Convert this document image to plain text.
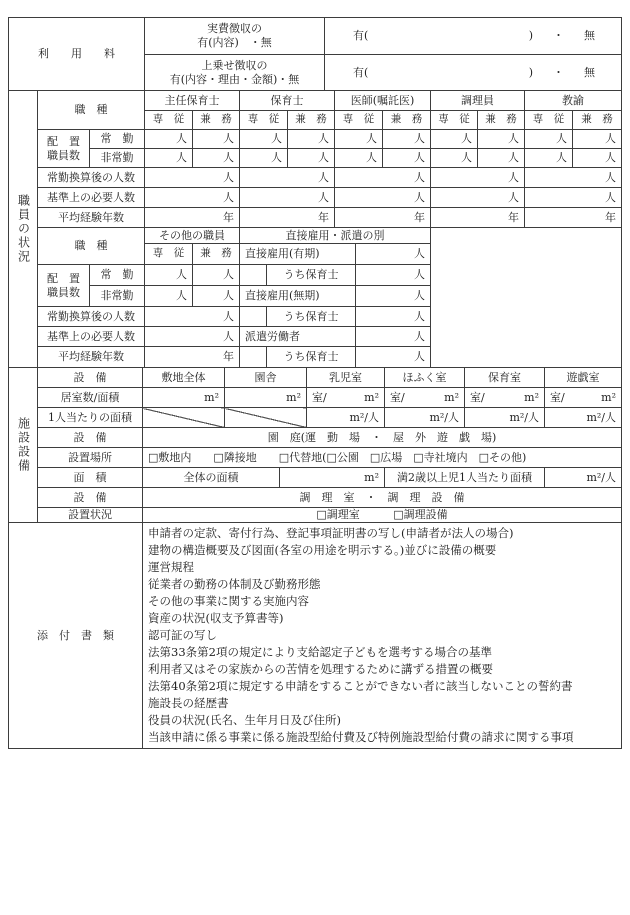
利　　用　　料	
実費徴収の
有(内容)　・無

有(	) ・ 無

上乗せ徴収の
有(内容・理由・金額)・無

有(	) ・ 無
職員の状況	職　種		主任保育士		保育士			医師(嘱託医)			調理員		教諭	
			専　従	兼　務	専　従		兼　務	専　従		兼　務	専　従	兼　務	専　従	兼　務

	配　置
職員数	常　勤	人	人	人		人	人		人	人	人	人	人
		非常勤	人	人	人		人	人		人	人	人	人	人
	常勤換算後の人数		人		人			人			人		人	
	基準上の必要人数		人		人			人			人		人	
	平均経験年数		年		年			年			年		年	
	職　種		その他の職員		直接雇用・派遣の別									
			専　従	兼　務	直接雇用(有期)				人					

	配　置
職員数	常　勤	人	人		うち保育士			人					
		非常勤	人	人	直接雇用(無期)				人					
	常勤換算後の人数		人			うち保育士			人					
	基準上の必要人数		人		派遣労働者				人					
	平均経験年数		年			うち保育士			人					
施設設備	設　備	敷地全体	園舎		乳児室	ほふく室	保育室	遊戯室
	居室数/面積	m²	m²		室/ m²	室/ m²	室/ m²	室/ m²

	1人当たりの面積				m²/人	m²/人	m²/人	m²/人
	設　備	園　庭(運　動　場　・　屋　外　遊　戯　場)						
	設置場所	□敷地内　　□隣接地　　□代替地(□公園　□広場　□寺社境内　□その他)						
	面　積	全体の面積		m²		満2歳以上児1人当たり面積		m²/人
	設　備	調　理　室　・　調　理　設　備						
	設置状況	□調理室 □調理設備						
添　付　書　類	
申請者の定款、寄付行為、登記事項証明書の写し(申請者が法人の場合)
建物の構造概要及び図面(各室の用途を明示する。)並びに設備の概要
運営規程
従業者の勤務の体制及び勤務形態
その他の事業に関する実施内容
資産の状況(収支予算書等)
認可証の写し
法第33条第2項の規定により支給認定子どもを選考する場合の基準
利用者又はその家族からの苦情を処理するために講ずる措置の概要
法第40条第2項に規定する申請をすることができない者に該当しないことの誓約書
施設長の経歴書
役員の状況(氏名、生年月日及び住所)
当該申請に係る事業に係る施設型給付費及び特例施設型給付費の請求に関する事項
